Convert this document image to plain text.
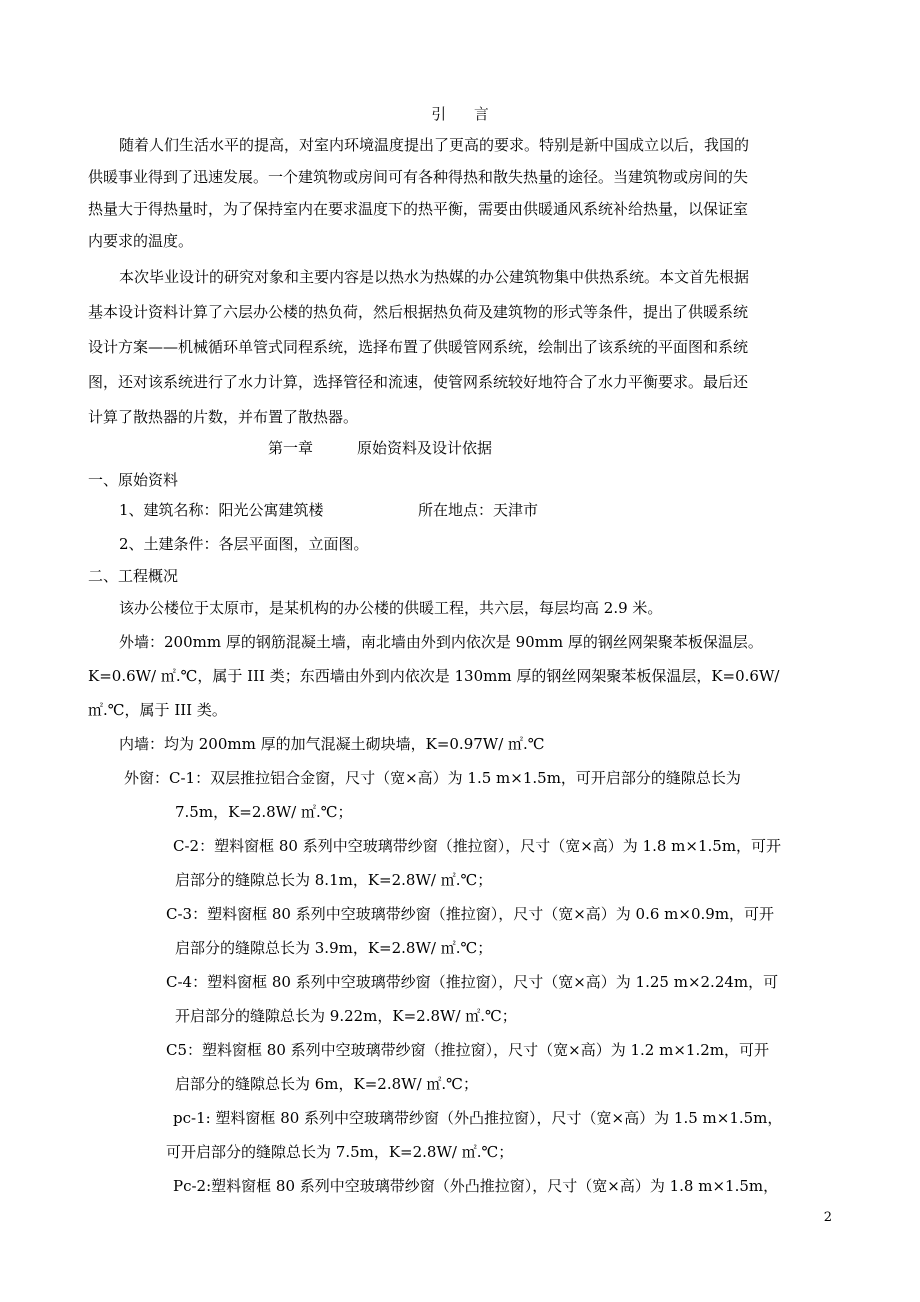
引 言
随着人们生活水平的提高，对室内环境温度提出了更高的要求。特别是新中国成立以后，我国的
供暖事业得到了迅速发展。一个建筑物或房间可有各种得热和散失热量的途径。当建筑物或房间的失
热量大于得热量时，为了保持室内在要求温度下的热平衡，需要由供暖通风系统补给热量，以保证室
内要求的温度。
本次毕业设计的研究对象和主要内容是以热水为热媒的办公建筑物集中供热系统。本文首先根据
基本设计资料计算了六层办公楼的热负荷，然后根据热负荷及建筑物的形式等条件，提出了供暖系统
设计方案——机械循环单管式同程系统，选择布置了供暖管网系统，绘制出了该系统的平面图和系统
图，还对该系统进行了水力计算，选择管径和流速，使管网系统较好地符合了水力平衡要求。最后还
计算了散热器的片数，并布置了散热器。
第一章	原始资料及设计依据
一、原始资料
1、建筑名称：阳光公寓建筑楼	所在地点：天津市
2、土建条件：各层平面图，立面图。
二、工程概况
该办公楼位于太原市，是某机构的办公楼的供暖工程，共六层，每层均高 2.9 米。
外墙：200mm 厚的钢筋混凝土墙，南北墙由外到内依次是 90mm 厚的钢丝网架聚苯板保温层。
K=0.6W/ ㎡.℃，属于 III 类；东西墙由外到内依次是 130mm 厚的钢丝网架聚苯板保温层，K=0.6W/
㎡.℃，属于 III 类。
内墙：均为 200mm 厚的加气混凝土砌块墙，K=0.97W/ ㎡.℃
外窗：C-1：双层推拉铝合金窗，尺寸（宽×高）为 1.5 m×1.5m，可开启部分的缝隙总长为
7.5m，K=2.8W/ ㎡.℃；
C-2：塑料窗框 80 系列中空玻璃带纱窗（推拉窗），尺寸（宽×高）为 1.8 m×1.5m，可开
启部分的缝隙总长为 8.1m，K=2.8W/ ㎡.℃；
C-3：塑料窗框 80 系列中空玻璃带纱窗（推拉窗），尺寸（宽×高）为 0.6 m×0.9m，可开
启部分的缝隙总长为 3.9m，K=2.8W/ ㎡.℃；
C-4：塑料窗框 80 系列中空玻璃带纱窗（推拉窗），尺寸（宽×高）为 1.25 m×2.24m，可
开启部分的缝隙总长为 9.22m，K=2.8W/ ㎡.℃；
C5：塑料窗框 80 系列中空玻璃带纱窗（推拉窗），尺寸（宽×高）为 1.2 m×1.2m，可开
启部分的缝隙总长为 6m，K=2.8W/ ㎡.℃；
pc-1: 塑料窗框 80 系列中空玻璃带纱窗（外凸推拉窗），尺寸（宽×高）为 1.5 m×1.5m，
可开启部分的缝隙总长为 7.5m，K=2.8W/ ㎡.℃；
Pc-2:塑料窗框 80 系列中空玻璃带纱窗（外凸推拉窗），尺寸（宽×高）为 1.8 m×1.5m，
2
